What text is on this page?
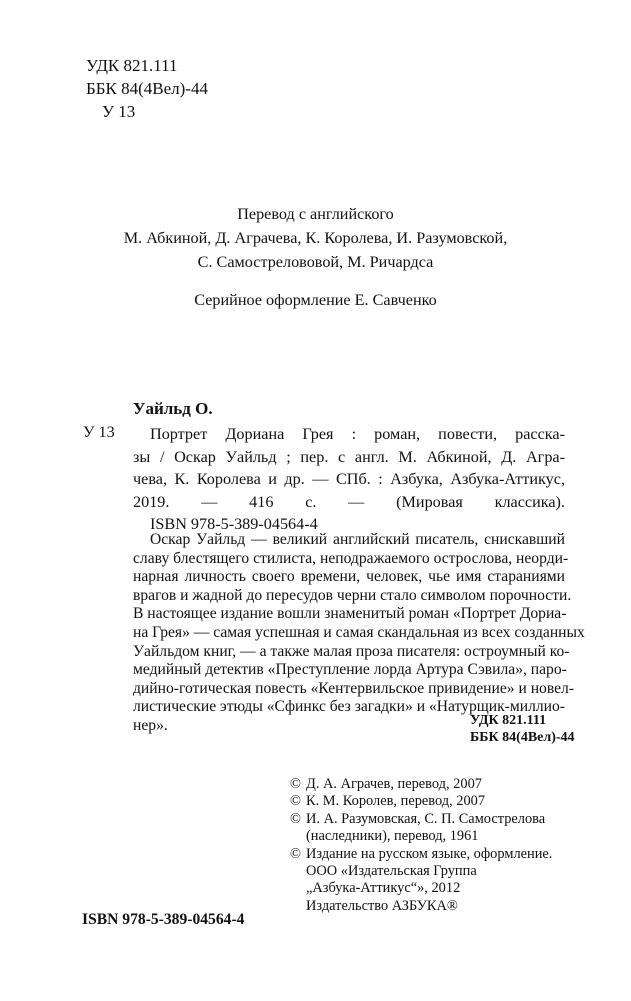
УДК 821.111
ББК 84(4Вел)-44
У 13
Перевод с английского
М. Абкиной, Д. Аграчева, К. Королева, И. Разумовской,
С. Самострелововой, М. Ричардса
Серийное оформление Е. Савченко
Уайльд О.
У 13	Портрет Дориана Грея : роман, повести, расска-
зы / Оскар Уайльд ; пер. с англ. М. Абкиной, Д. Агра-
чева, К. Королева и др. — СПб. : Азбука, Азбука-Аттикус, 2019. — 416 с. — (Мировая классика).
ISBN 978-5-389-04564-4
Оскар Уайльд — великий английский писатель, снискавший
славу блестящего стилиста, неподражаемого острослова, неорди-
нарная личность своего времени, человек, чье имя стараниями
врагов и жадной до пересудов черни стало символом порочности.
В настоящее издание вошли знаменитый роман «Портрет Дориа-
на Грея» — самая успешная и самая скандальная из всех созданных
Уайльдом книг, — а также малая проза писателя: остроумный ко-
медийный детектив «Преступление лорда Артура Сэвила», паро-
дийно-готическая повесть «Кентервильское привидение» и новел-
листические этюды «Сфинкс без загадки» и «Натурщик-миллио-
нер».	УДК 821.111
ББК 84(4Вел)-44
© Д. А. Аграчев, перевод, 2007
© К. М. Королев, перевод, 2007
© И. А. Разумовская, С. П. Самострелова
(наследники), перевод, 1961
© Издание на русском языке, оформление.
ООО «Издательская Группа
„Азбука-Аттикус“», 2012
Издательство АЗБУКА®
ISBN 978-5-389-04564-4
